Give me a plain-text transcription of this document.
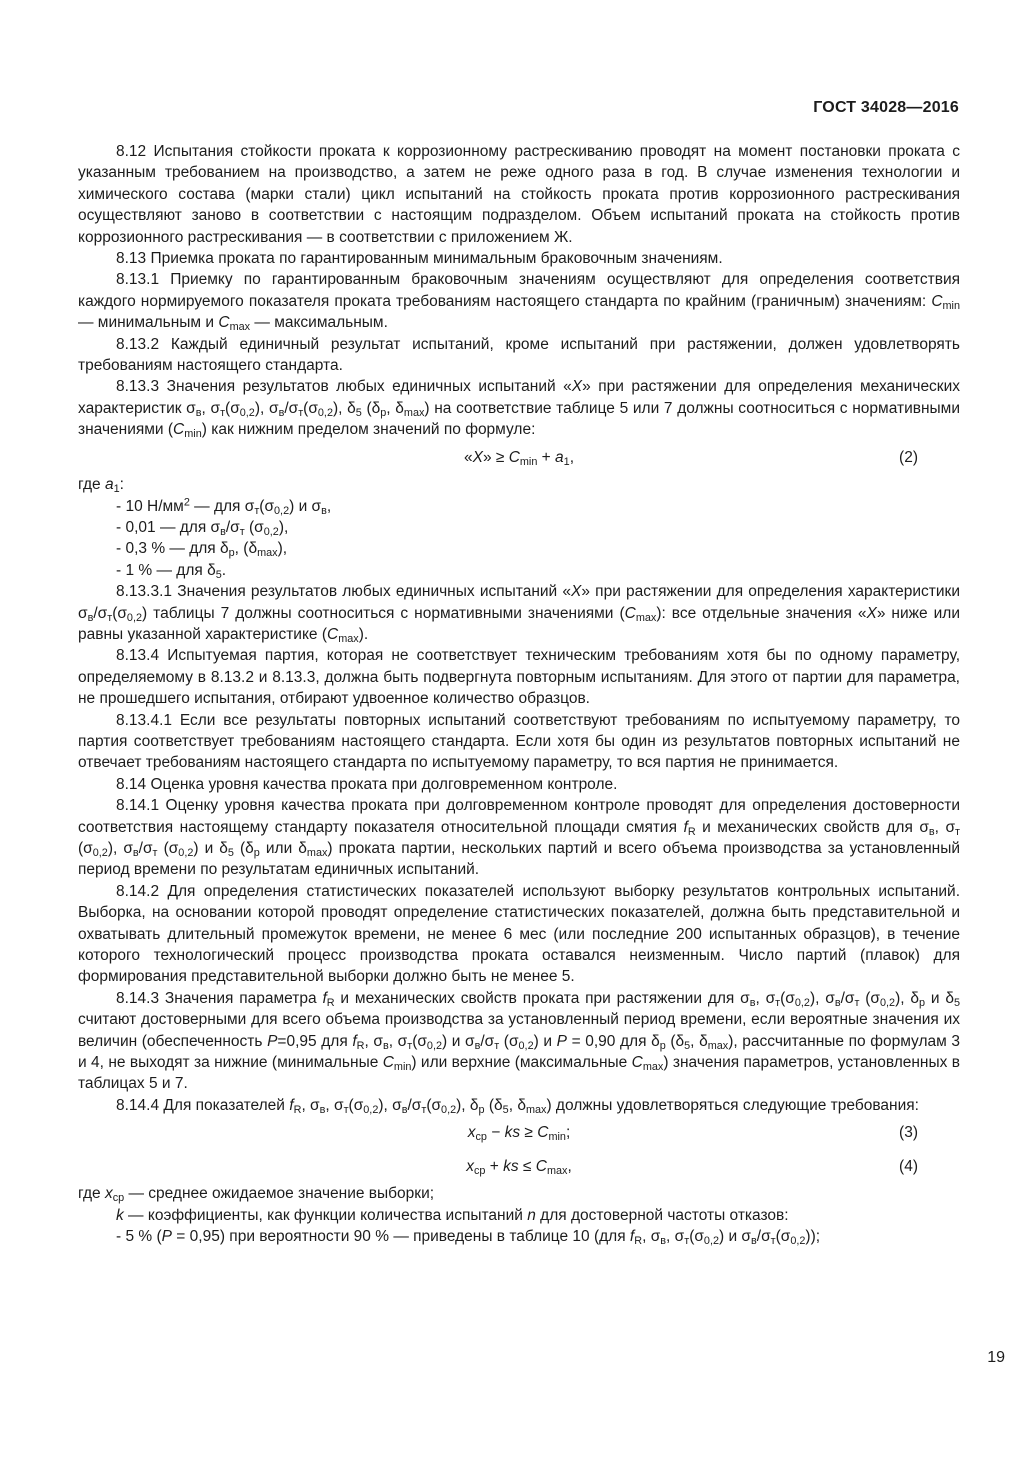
ГОСТ 34028—2016

8.12 Испытания стойкости проката к коррозионному растрескиванию проводят на момент постановки проката с указанным требованием на производство, а затем не реже одного раза в год. В случае изменения технологии и химического состава (марки стали) цикл испытаний на стойкость проката против коррозионного растрескивания осуществляют заново в соответствии с настоящим подразделом. Объем испытаний проката на стойкость против коррозионного растрескивания — в соответствии с приложением Ж.

8.13 Приемка проката по гарантированным минимальным браковочным значениям.

8.13.1 Приемку по гарантированным браковочным значениям осуществляют для определения соответствия каждого нормируемого показателя проката требованиям настоящего стандарта по крайним (граничным) значениям: $C_{min}$ — минимальным и $C_{max}$ — максимальным.

8.13.2 Каждый единичный результат испытаний, кроме испытаний при растяжении, должен удовлетворять требованиям настоящего стандарта.

8.13.3 Значения результатов любых единичных испытаний «X» при растяжении для определения механических характеристик $\sigma_в$, $\sigma_т(\sigma_{0,2})$, $\sigma_в/\sigma_т(\sigma_{0,2})$, $\delta_5$ ($\delta_р$, $\delta_{max}$) на соответствие таблице 5 или 7 должны соотноситься с нормативными значениями $(C_{min})$ как нижним пределом значений по формуле:

«X» ≥ $C_{min} + a_1$,	(2)

где $a_1$:

- 10 $Н/мм^2$ — для $\sigma_т(\sigma_{0,2})$ и $\sigma_в$,

- 0,01 — для $\sigma_в/\sigma_т$ $(\sigma_{0,2})$,

- 0,3 % — для $\delta_р$, $(\delta_{max})$,

- 1 % — для $\delta_5$.

8.13.3.1 Значения результатов любых единичных испытаний «X» при растяжении для определения характеристики $\sigma_в/\sigma_т(\sigma_{0,2})$ таблицы 7 должны соотноситься с нормативными значениями $(C_{max})$: все отдельные значения «X» ниже или равны указанной характеристике $(C_{max})$.

8.13.4 Испытуемая партия, которая не соответствует техническим требованиям хотя бы по одному параметру, определяемому в 8.13.2 и 8.13.3, должна быть подвергнута повторным испытаниям. Для этого от партии для параметра, не прошедшего испытания, отбирают удвоенное количество образцов.

8.13.4.1 Если все результаты повторных испытаний соответствуют требованиям по испытуемому параметру, то партия соответствует требованиям настоящего стандарта. Если хотя бы один из результатов повторных испытаний не отвечает требованиям настоящего стандарта по испытуемому параметру, то вся партия не принимается.

8.14 Оценка уровня качества проката при долговременном контроле.

8.14.1 Оценку уровня качества проката при долговременном контроле проводят для определения достоверности соответствия настоящему стандарту показателя относительной площади смятия $f_R$ и механических свойств для $\sigma_в$, $\sigma_т$ $(\sigma_{0,2})$, $\sigma_в/\sigma_т$ $(\sigma_{0,2})$ и $\delta_5$ ($\delta_р$ или $\delta_{max}$) проката партии, нескольких партий и всего объема производства за установленный период времени по результатам единичных испытаний.

8.14.2 Для определения статистических показателей используют выборку результатов контрольных испытаний. Выборка, на основании которой проводят определение статистических показателей, должна быть представительной и охватывать длительный промежуток времени, не менее 6 мес (или последние 200 испытанных образцов), в течение которого технологический процесс производства проката оставался неизменным. Число партий (плавок) для формирования представительной выборки должно быть не менее 5.

8.14.3 Значения параметра $f_R$ и механических свойств проката при растяжении для $\sigma_в$, $\sigma_т(\sigma_{0,2})$, $\sigma_в/\sigma_т$ $(\sigma_{0,2})$, $\delta_р$ и $\delta_5$ считают достоверными для всего объема производства за установленный период времени, если вероятные значения их величин (обеспеченность P=0,95 для $f_R$, $\sigma_в$, $\sigma_т(\sigma_{0,2})$ и $\sigma_в/\sigma_т$ $(\sigma_{0,2})$ и P = 0,90 для $\delta_р$ ($\delta_5$, $\delta_{max}$), рассчитанные по формулам 3 и 4, не выходят за нижние (минимальные $C_{min}$) или верхние (максимальные $C_{max}$) значения параметров, установленных в таблицах 5 и 7.

8.14.4 Для показателей $f_R$, $\sigma_в$, $\sigma_т(\sigma_{0,2})$, $\sigma_в/\sigma_т(\sigma_{0,2})$, $\delta_р$ ($\delta_5$, $\delta_{max}$) должны удовлетворяться следующие требования:

$x_{ср}$ − ks ≥ $C_{min}$;	(3)
$x_{ср}$ + ks ≤ $C_{max}$,	(4)

где $x_{ср}$ — среднее ожидаемое значение выборки;

k — коэффициенты, как функции количества испытаний n для достоверной частоты отказов:

- 5 % (P = 0,95) при вероятности 90 % — приведены в таблице 10 (для $f_R$, $\sigma_в$, $\sigma_т(\sigma_{0,2})$ и $\sigma_в/\sigma_т(\sigma_{0,2})$);

19
